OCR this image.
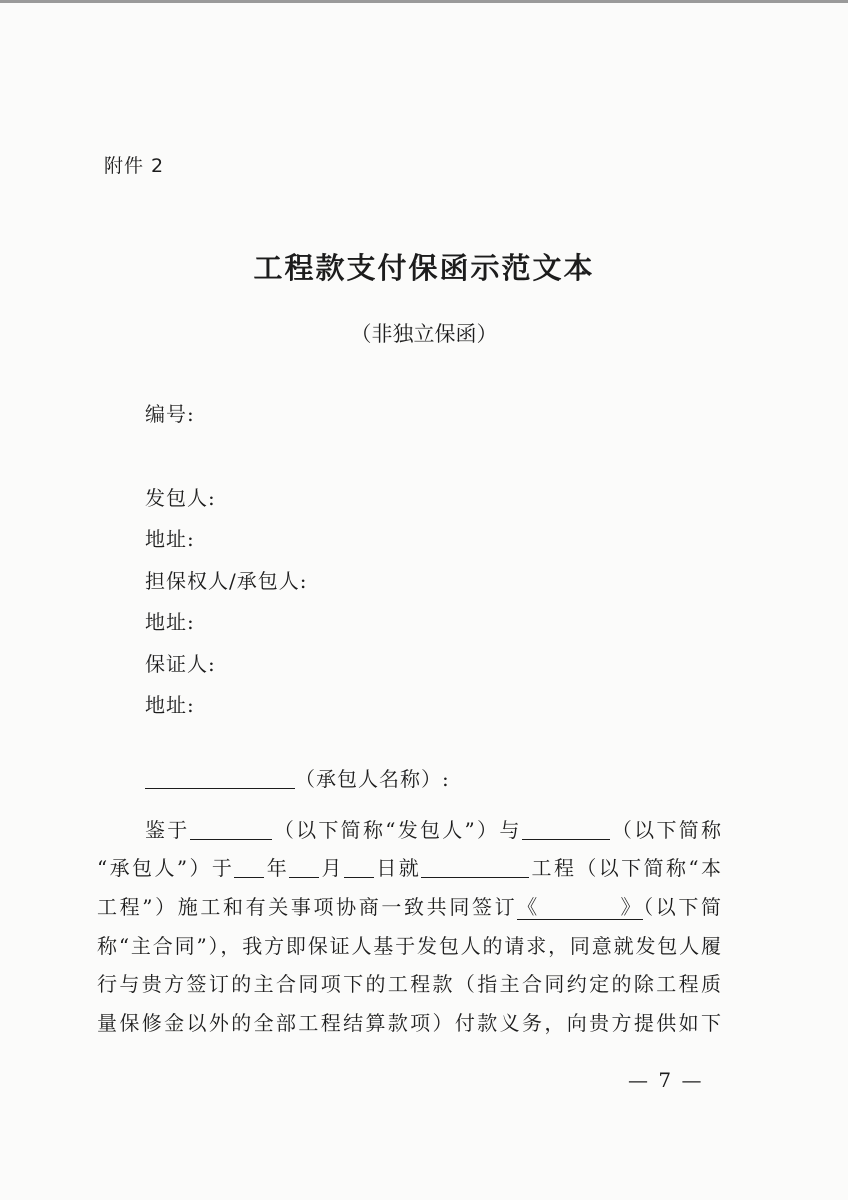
附件 2
工程款支付保函示范文本
（非独立保函）
编号:
发包人:
地址:
担保权人/承包人:
地址:
保证人:
地址:
（承包人名称）:
鉴于	（以下简称“发包人”）与	（以下简称
“承包人”）于 年 月 日就	工程（以下简称“本
工程”）施工和有关事项协商一致共同签订《	》（以下简
称“主合同”），我方即保证人基于发包人的请求，同意就发包人履
行与贵方签订的主合同项下的工程款（指主合同约定的除工程质
量保修金以外的全部工程结算款项）付款义务，向贵方提供如下
— 7 —
